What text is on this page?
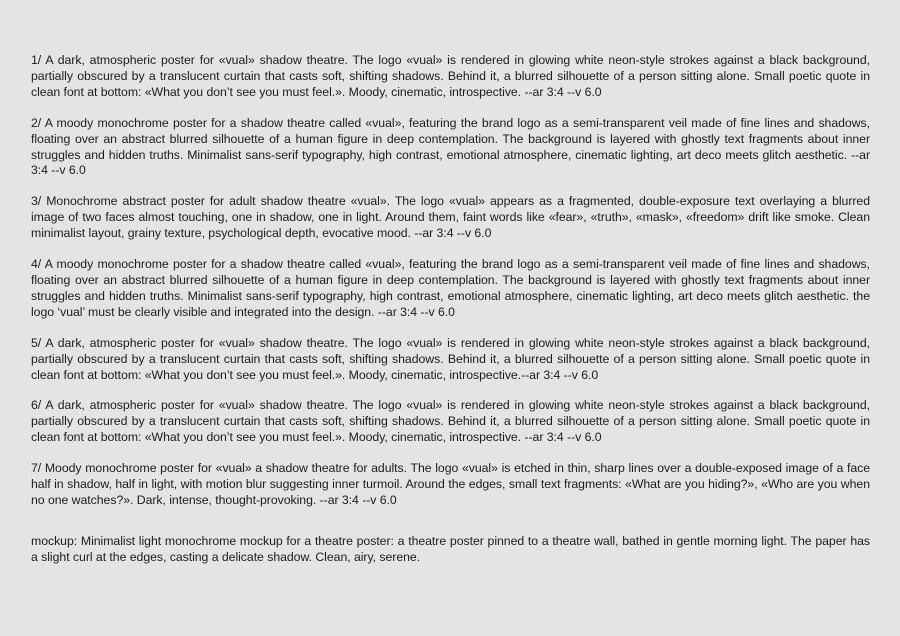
1/ A dark, atmospheric poster for «vual» shadow theatre. The logo «vual» is rendered in glowing white neon-style strokes against a black background, partially obscured by a translucent curtain that casts soft, shifting shadows. Behind it, a blurred silhouette of a person sitting alone. Small poetic quote in clean font at bottom: «What you don’t see you must feel.». Moody, cinematic, introspective. --ar 3:4 --v 6.0

2/ A moody monochrome poster for a shadow theatre called «vual», featuring the brand logo as a semi-transparent veil made of fine lines and shadows, floating over an abstract blurred silhouette of a human figure in deep contemplation. The background is layered with ghostly text fragments about inner struggles and hidden truths. Minimalist sans-serif typography, high contrast, emotional atmosphere, cinematic lighting, art deco meets glitch aesthetic. --ar 3:4 --v 6.0

3/ Monochrome abstract poster for adult shadow theatre «vual». The logo «vual» appears as a fragmented, double-exposure text overlaying a blurred image of two faces almost touching, one in shadow, one in light. Around them, faint words like «fear», «truth», «mask», «freedom» drift like smoke. Clean minimalist layout, grainy texture, psychological depth, evocative mood. --ar 3:4 --v 6.0

4/ A moody monochrome poster for a shadow theatre called «vual», featuring the brand logo as a semi-transparent veil made of fine lines and shadows, floating over an abstract blurred silhouette of a human figure in deep contemplation. The background is layered with ghostly text fragments about inner struggles and hidden truths. Minimalist sans-serif typography, high contrast, emotional atmosphere, cinematic lighting, art deco meets glitch aesthetic. the logo ‘vual’ must be clearly visible and integrated into the design. --ar 3:4 --v 6.0

5/ A dark, atmospheric poster for «vual» shadow theatre. The logo «vual» is rendered in glowing white neon-style strokes against a black background, partially obscured by a translucent curtain that casts soft, shifting shadows. Behind it, a blurred silhouette of a person sitting alone. Small poetic quote in clean font at bottom: «What you don’t see you must feel.». Moody, cinematic, introspective.--ar 3:4 --v 6.0

6/ A dark, atmospheric poster for «vual» shadow theatre. The logo «vual» is rendered in glowing white neon-style strokes against a black background, partially obscured by a translucent curtain that casts soft, shifting shadows. Behind it, a blurred silhouette of a person sitting alone. Small poetic quote in clean font at bottom: «What you don’t see you must feel.». Moody, cinematic, introspective. --ar 3:4 --v 6.0

7/ Moody monochrome poster for «vual» a shadow theatre for adults. The logo «vual» is etched in thin, sharp lines over a double-exposed image of a face half in shadow, half in light, with motion blur suggesting inner turmoil. Around the edges, small text fragments: «What are you hiding?», «Who are you when no one watches?». Dark, intense, thought-provoking. --ar 3:4 --v 6.0

mockup: Minimalist light monochrome mockup for a theatre poster: a theatre poster pinned to a theatre wall, bathed in gentle morning light. The paper has a slight curl at the edges, casting a delicate shadow. Clean, airy, serene.
